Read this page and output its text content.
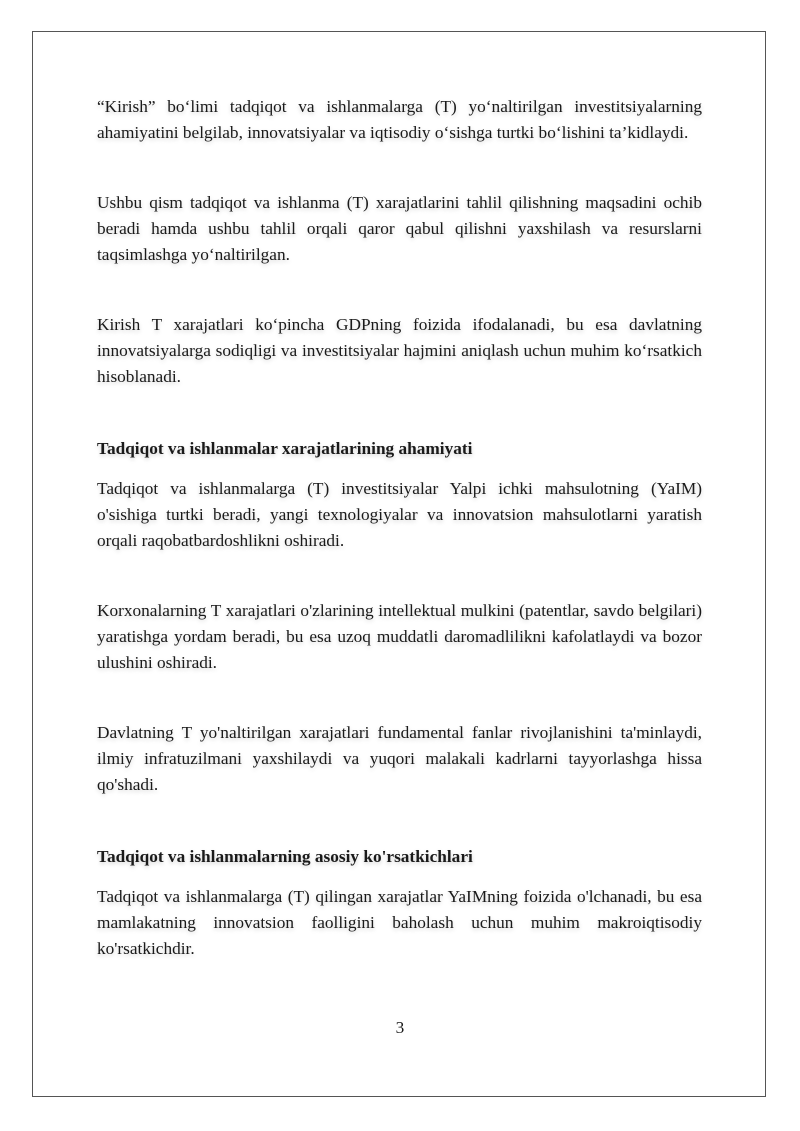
“Kirish” bo‘limi tadqiqot va ishlanmalarga (T) yo‘naltirilgan investitsiyalarning ahamiyatini belgilab, innovatsiyalar va iqtisodiy o‘sishga turtki bo‘lishini ta’kidlaydi.

Ushbu qism tadqiqot va ishlanma (T) xarajatlarini tahlil qilishning maqsadini ochib beradi hamda ushbu tahlil orqali qaror qabul qilishni yaxshilash va resurslarni taqsimlashga yo‘naltirilgan.

Kirish T xarajatlari ko‘pincha GDPning foizida ifodalanadi, bu esa davlatning innovatsiyalarga sodiqligi va investitsiyalar hajmini aniqlash uchun muhim ko‘rsatkich hisoblanadi.

Tadqiqot va ishlanmalar xarajatlarining ahamiyati

Tadqiqot va ishlanmalarga (T) investitsiyalar Yalpi ichki mahsulotning (YaIM) o'sishiga turtki beradi, yangi texnologiyalar va innovatsion mahsulotlarni yaratish orqali raqobatbardoshlikni oshiradi.

Korxonalarning T xarajatlari o'zlarining intellektual mulkini (patentlar, savdo belgilari) yaratishga yordam beradi, bu esa uzoq muddatli daromadlilikni kafolatlaydi va bozor ulushini oshiradi.

Davlatning T yo'naltirilgan xarajatlari fundamental fanlar rivojlanishini ta'minlaydi, ilmiy infratuzilmani yaxshilaydi va yuqori malakali kadrlarni tayyorlashga hissa qo'shadi.

Tadqiqot va ishlanmalarning asosiy ko'rsatkichlari

Tadqiqot va ishlanmalarga (T) qilingan xarajatlar YaIMning foizida o'lchanadi, bu esa mamlakatning innovatsion faolligini baholash uchun muhim makroiqtisodiy ko'rsatkichdir.

3
